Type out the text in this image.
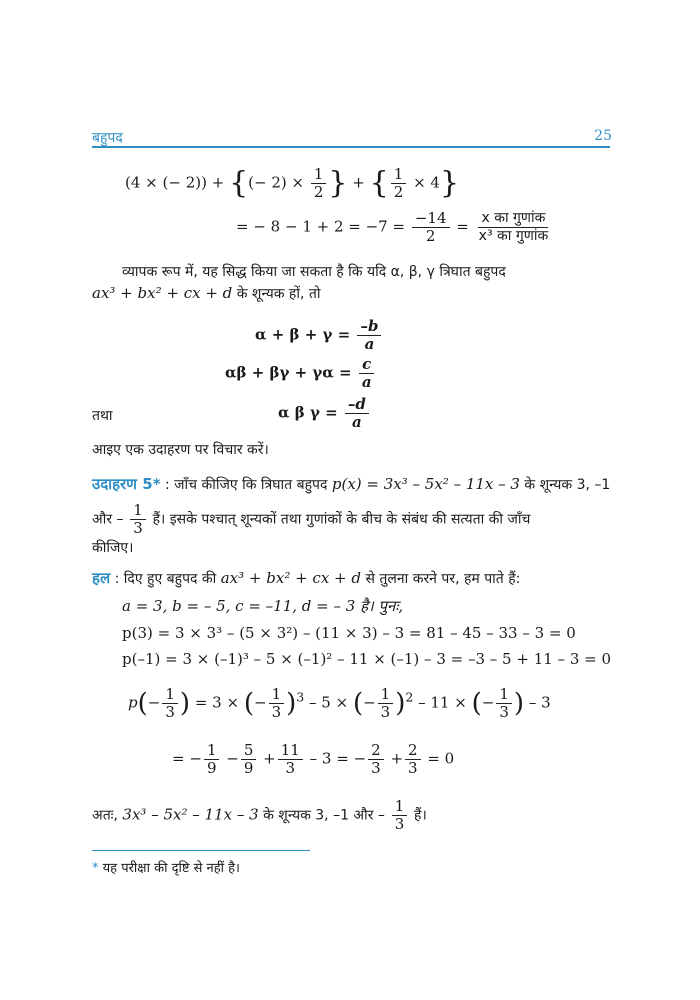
बहुपद	25
(4 × (− 2)) + {(− $2) \times \frac{1}{2}$ } + { $\frac{1}{2} \times 4$}
= − $8 - 1 + 2 = -7 = \frac{-14}{2} = \frac{\text{x का गुणांक}}{\text{x³ का गुणांक}}$
व्यापक रूप में, यह सिद्ध किया जा सकता है कि यदि α, β, γ त्रिघात बहुपद
ax³ + bx² + cx + d के शून्यक हों, तो
$\alpha + \beta + \gamma = \frac{-b}{a}$
$\alpha\beta + \beta\gamma + \gamma\alpha = \frac{c}{a}$
तथा	α β $\gamma = \frac{-d}{a}$
आइए एक उदाहरण पर विचार करें।
उदाहरण 5* : जाँच कीजिए कि त्रिघात बहुपद p(x) = 3x³ – 5x² – 11x – 3 के शून्यक 3, –1
और – $\frac{1}{3}$ हैं। इसके पश्चात् शून्यकों तथा गुणांकों के बीच के संबंध की सत्यता की जाँच
कीजिए।
हल : दिए हुए बहुपद की ax³ + bx² + cx + d से तुलना करने पर, हम पाते हैं:
a = 3, b = – 5, c = –11, d = – 3 है। पुनः,
p(3) = 3 × 3³ – (5 × 3²) – (11 × 3) – 3 = 81 – 45 – 33 – 3 = 0
p(–1) = 3 × (–1)³ – 5 × (–1)² – 11 × (–1) – 3 = –3 – 5 + 11 – 3 = 0
$p(- \frac{1}{3}$ ) = 3 × (− $\frac{1}{3} )^3 - 5$ × (− $\frac{1}{3} )^2 - 11$ × (− $\frac{1}{3}$ ) – 3
= − $\frac{1}{9} - \frac{5}{9} + \frac{11}{3} - 3$ = − $\frac{2}{3} + \frac{2}{3} = 0$
अतः, 3x³ – 5x² – 11x – 3 के शून्यक 3, –1 और – $\frac{1}{3}$ हैं।
* यह परीक्षा की दृष्टि से नहीं है।
